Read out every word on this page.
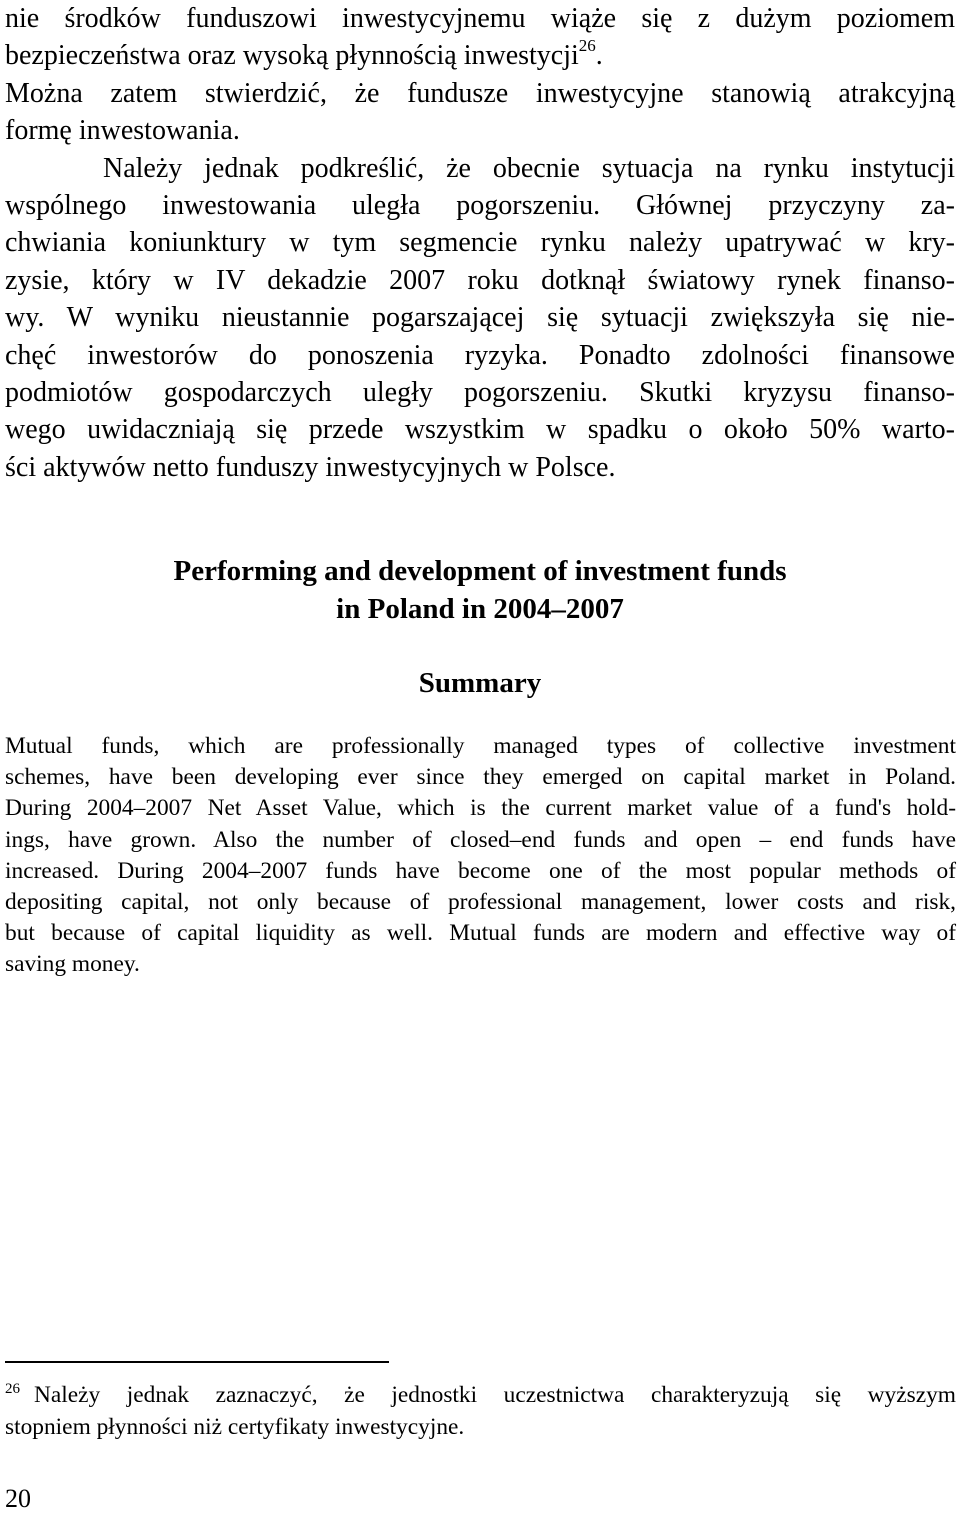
nie środków funduszowi inwestycyjnemu wiąże się z dużym poziomem
bezpieczeństwa oraz wysoką płynnością inwestycji$^{26}$.
Można zatem stwierdzić, że fundusze inwestycyjne stanowią atrakcyjną
formę inwestowania.
Należy jednak podkreślić, że obecnie sytuacja na rynku instytucji
wspólnego inwestowania uległa pogorszeniu. Głównej przyczyny za-
chwiania koniunktury w tym segmencie rynku należy upatrywać w kry-
zysie, który w IV dekadzie 2007 roku dotknął światowy rynek finanso-
wy. W wyniku nieustannie pogarszającej się sytuacji zwiększyła się nie-
chęć inwestorów do ponoszenia ryzyka. Ponadto zdolności finansowe
podmiotów gospodarczych uległy pogorszeniu. Skutki kryzysu finanso-
wego uwidaczniają się przede wszystkim w spadku o około 50% warto-
ści aktywów netto funduszy inwestycyjnych w Polsce.
Performing and development of investment funds
in Poland in 2004–2007
Summary
Mutual funds, which are professionally managed types of collective investment
schemes, have been developing ever since they emerged on capital market in Poland.
During 2004–2007 Net Asset Value, which is the current market value of a fund's hold-
ings, have grown. Also the number of closed–end funds and open – end funds have
increased. During 2004–2007 funds have become one of the most popular methods of
depositing capital, not only because of professional management, lower costs and risk,
but because of capital liquidity as well. Mutual funds are modern and effective way of
saving money.
$^{26}$ Należy jednak zaznaczyć, że jednostki uczestnictwa charakteryzują się wyższym
stopniem płynności niż certyfikaty inwestycyjne.
20
